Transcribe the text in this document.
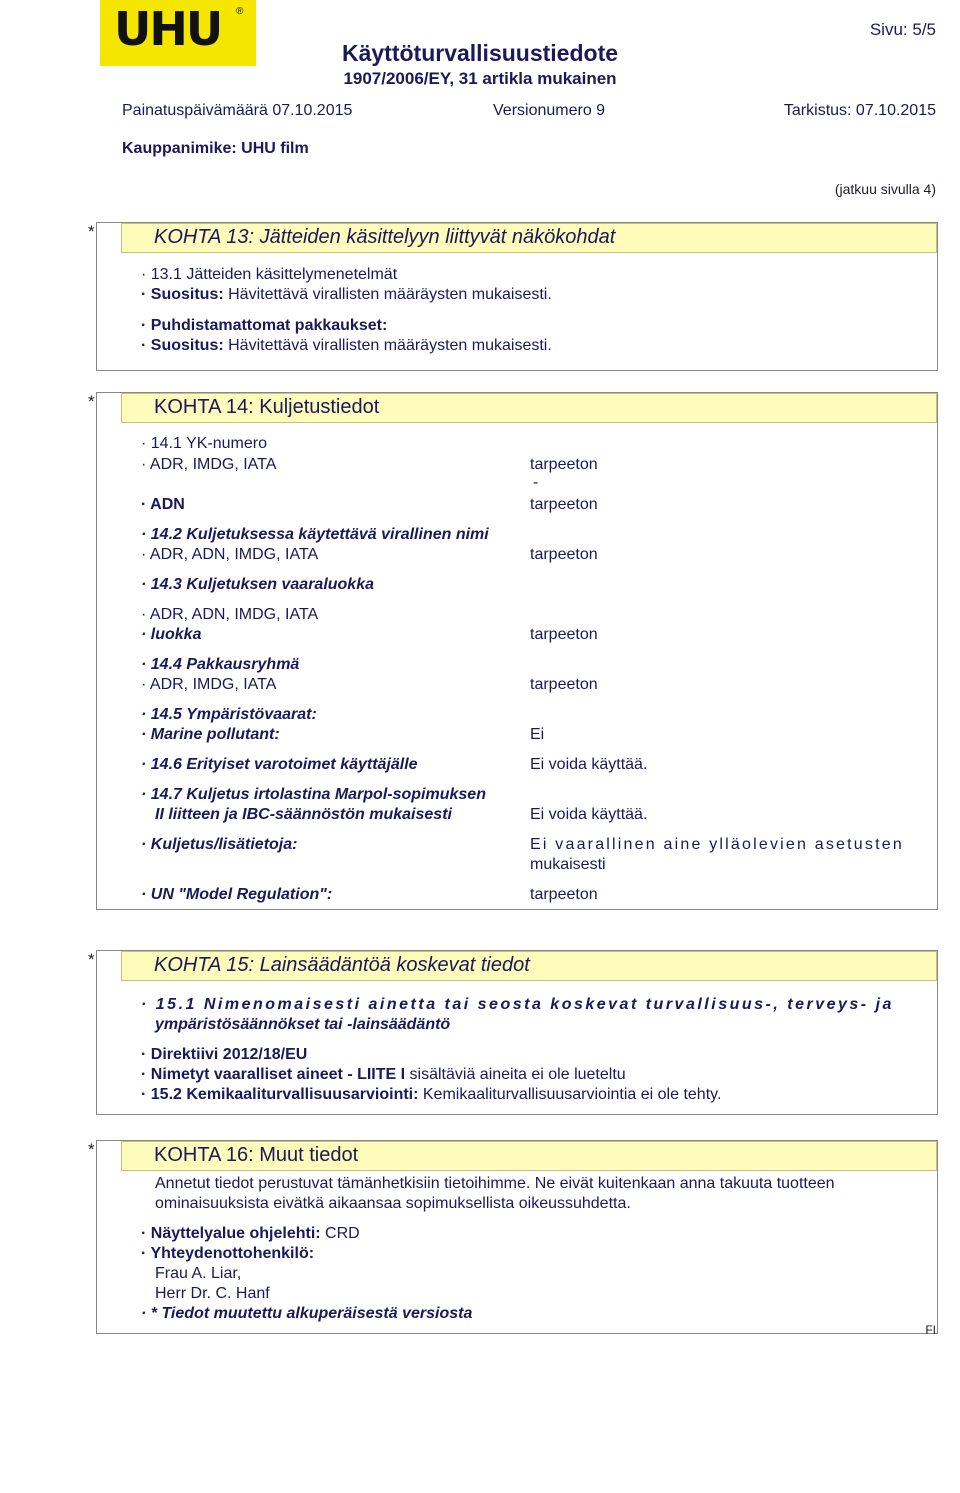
UHU ®
Sivu: 5/5
Käyttöturvallisuustiedote
1907/2006/EY, 31 artikla mukainen
Painatuspäivämäärä 07.10.2015	Versionumero 9	Tarkistus: 07.10.2015
Kauppanimike: UHU film
(jatkuu sivulla 4)
*	KOHTA 13: Jätteiden käsittelyyn liittyvät näkökohdat
· 13.1 Jätteiden käsittelymenetelmät
· Suositus: Hävitettävä virallisten määräysten mukaisesti.
· Puhdistamattomat pakkaukset:
· Suositus: Hävitettävä virallisten määräysten mukaisesti.
*	KOHTA 14: Kuljetustiedot
· 14.1 YK-numero
· ADR, IMDG, IATA	tarpeeton
-
· ADN	tarpeeton
· 14.2 Kuljetuksessa käytettävä virallinen nimi
· ADR, ADN, IMDG, IATA	tarpeeton
· 14.3 Kuljetuksen vaaraluokka
· ADR, ADN, IMDG, IATA
· luokka	tarpeeton
· 14.4 Pakkausryhmä
· ADR, IMDG, IATA	tarpeeton
· 14.5 Ympäristövaarat:
· Marine pollutant:	Ei
· 14.6 Erityiset varotoimet käyttäjälle	Ei voida käyttää.
· 14.7 Kuljetus irtolastina Marpol-sopimuksen
II liitteen ja IBC-säännöstön mukaisesti	Ei voida käyttää.
· Kuljetus/lisätietoja:	Ei vaarallinen aine ylläolevien asetusten
mukaisesti
· UN "Model Regulation":	tarpeeton
*	KOHTA 15: Lainsäädäntöä koskevat tiedot
· 15.1 Nimenomaisesti ainetta tai seosta koskevat turvallisuus-, terveys- ja
ympäristösäännökset tai -lainsäädäntö
· Direktiivi 2012/18/EU
· Nimetyt vaaralliset aineet - LIITE I sisältäviä aineita ei ole lueteltu
· 15.2 Kemikaaliturvallisuusarviointi: Kemikaaliturvallisuusarviointia ei ole tehty.
*	KOHTA 16: Muut tiedot
Annetut tiedot perustuvat tämänhetkisiin tietoihimme. Ne eivät kuitenkaan anna takuuta tuotteen
ominaisuuksista eivätkä aikaansaa sopimuksellista oikeussuhdetta.
· Näyttelyalue ohjelehti: CRD
· Yhteydenottohenkilö:
Frau A. Liar,
Herr Dr. C. Hanf
· * Tiedot muutettu alkuperäisestä versiosta
FI
